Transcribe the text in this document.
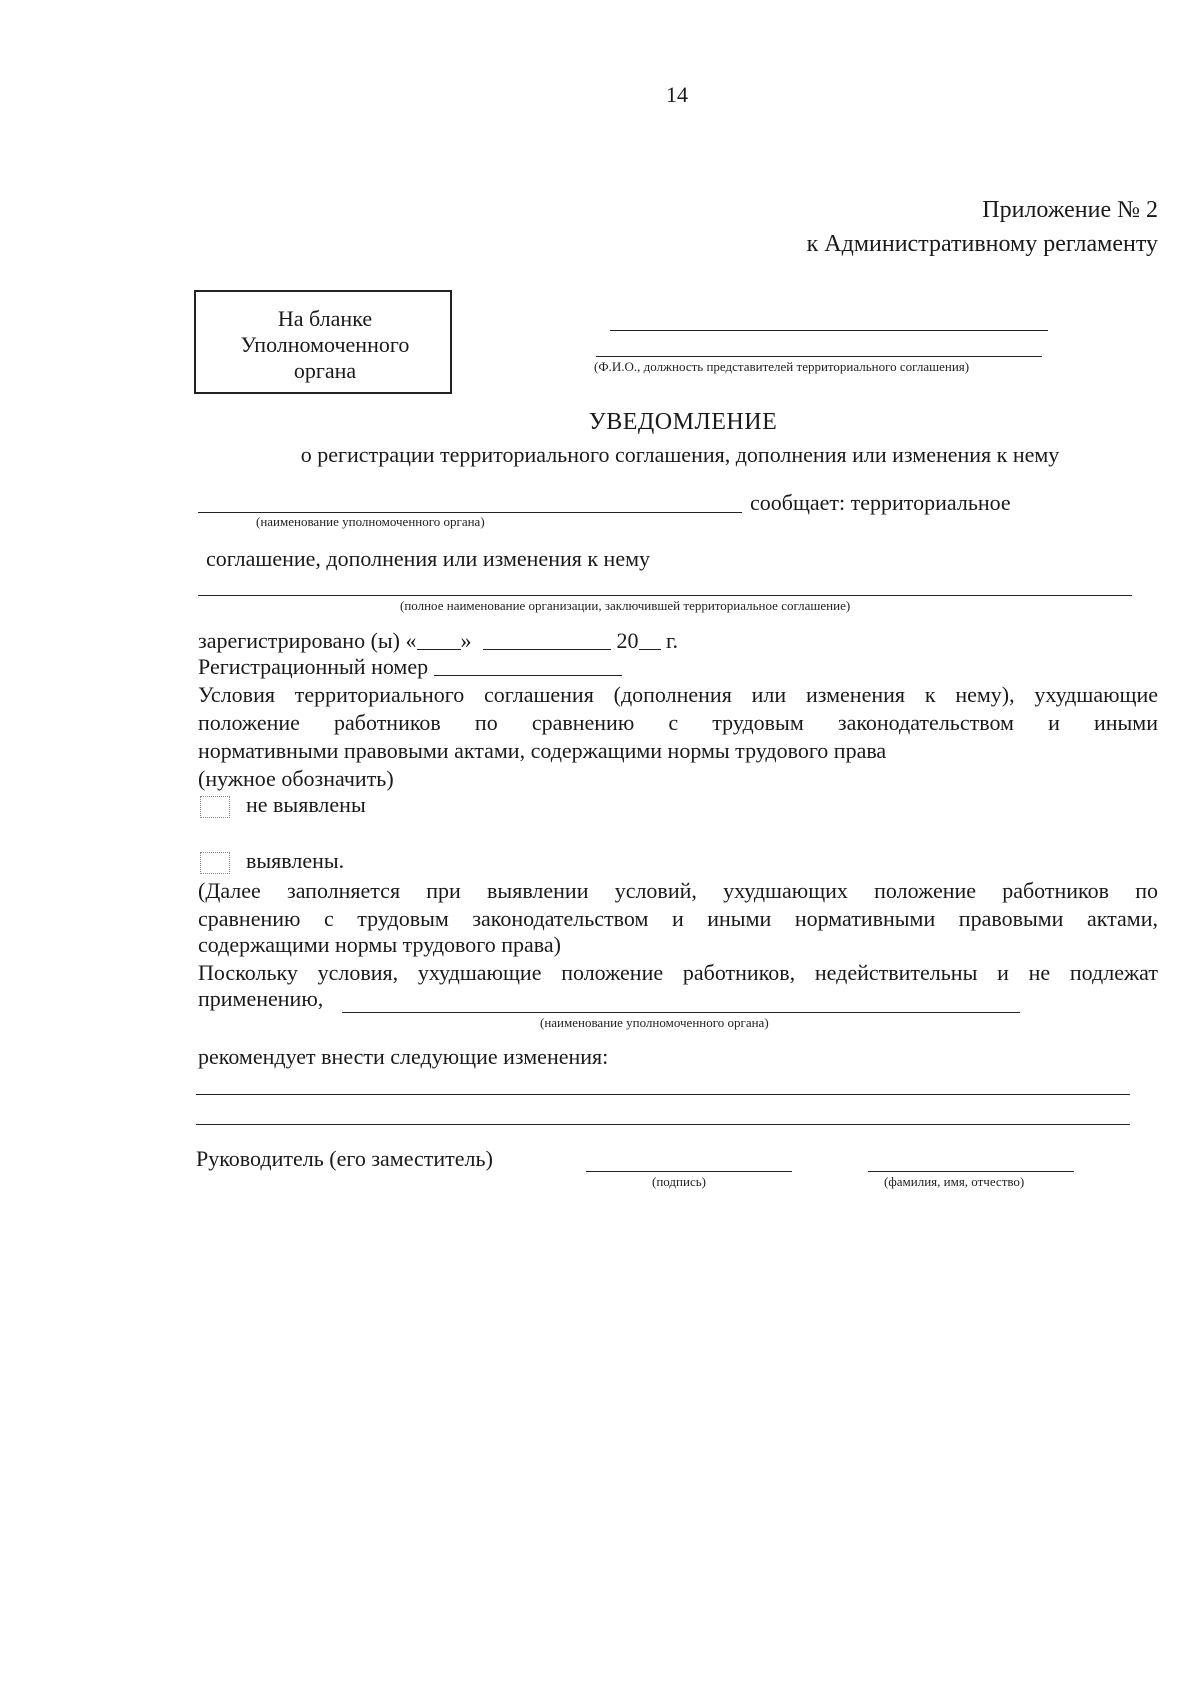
14
Приложение № 2
к Административному регламенту
На бланке
Уполномоченного
органа	(Ф.И.О., должность представителей территориального соглашения)
УВЕДОМЛЕНИЕ
о регистрации территориального соглашения, дополнения или изменения к нему
сообщает: территориальное
(наименование уполномоченного органа)
соглашение, дополнения или изменения к нему
(полное наименование организации, заключившей территориальное соглашение)
зарегистрировано (ы) « »	20 г.
Регистрационный номер
Условия территориального соглашения (дополнения или изменения к нему), ухудшающие
положение работников по сравнению с трудовым законодательством и иными
нормативными правовыми актами, содержащими нормы трудового права
(нужное обозначить)
не выявлены
выявлены.
(Далее заполняется при выявлении условий, ухудшающих положение работников по
сравнению с трудовым законодательством и иными нормативными правовыми актами,
содержащими нормы трудового права)
Поскольку условия, ухудшающие положение работников, недействительны и не подлежат
применению,
(наименование уполномоченного органа)
рекомендует внести следующие изменения:
Руководитель (его заместитель)
(подпись)	(фамилия, имя, отчество)
